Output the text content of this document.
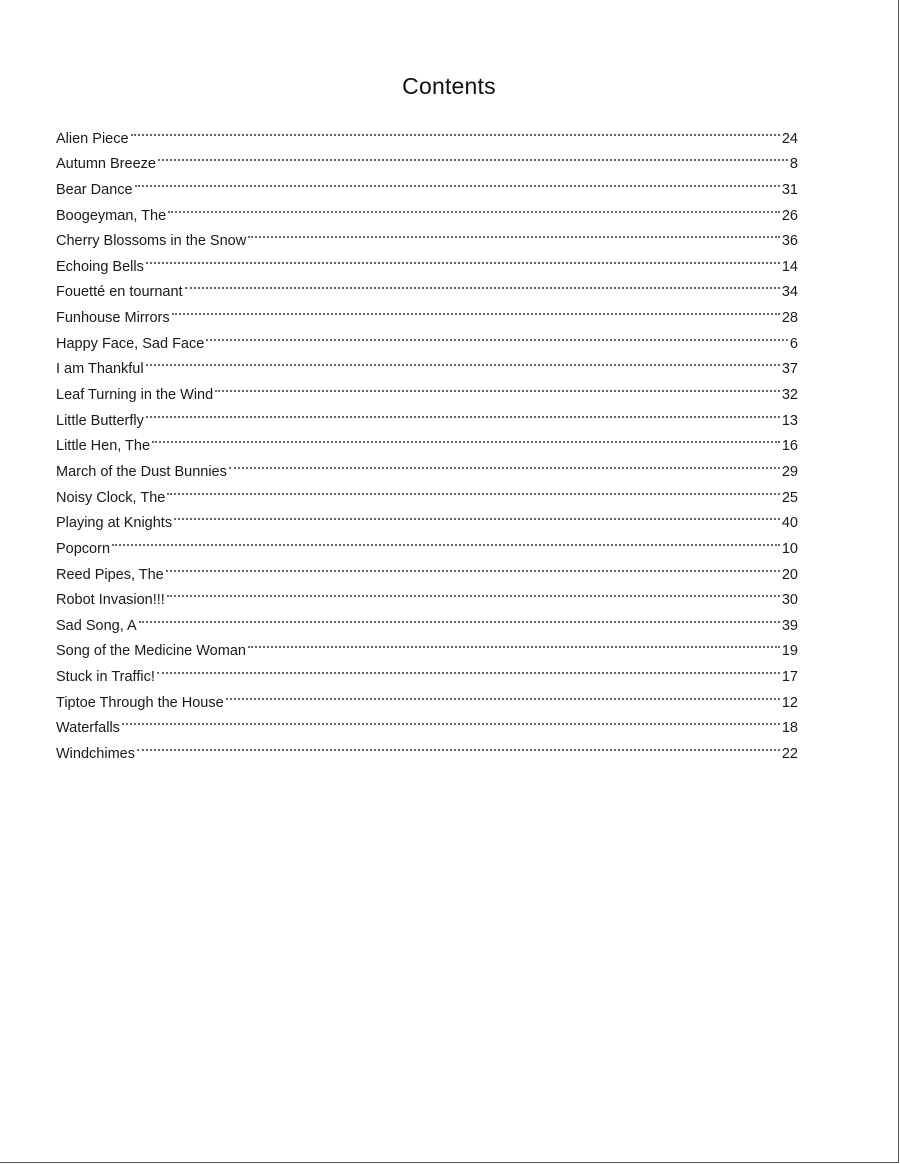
Contents
Alien Piece	24
Autumn Breeze	8
Bear Dance	31
Boogeyman, The	26
Cherry Blossoms in the Snow	36
Echoing Bells	14
Fouetté en tournant	34
Funhouse Mirrors	28
Happy Face, Sad Face	6
I am Thankful	37
Leaf Turning in the Wind	32
Little Butterfly	13
Little Hen, The	16
March of the Dust Bunnies	29
Noisy Clock, The	25
Playing at Knights	40
Popcorn	10
Reed Pipes, The	20
Robot Invasion!!!	30
Sad Song, A	39
Song of the Medicine Woman	19
Stuck in Traffic!	17
Tiptoe Through the House	12
Waterfalls	18
Windchimes	22
